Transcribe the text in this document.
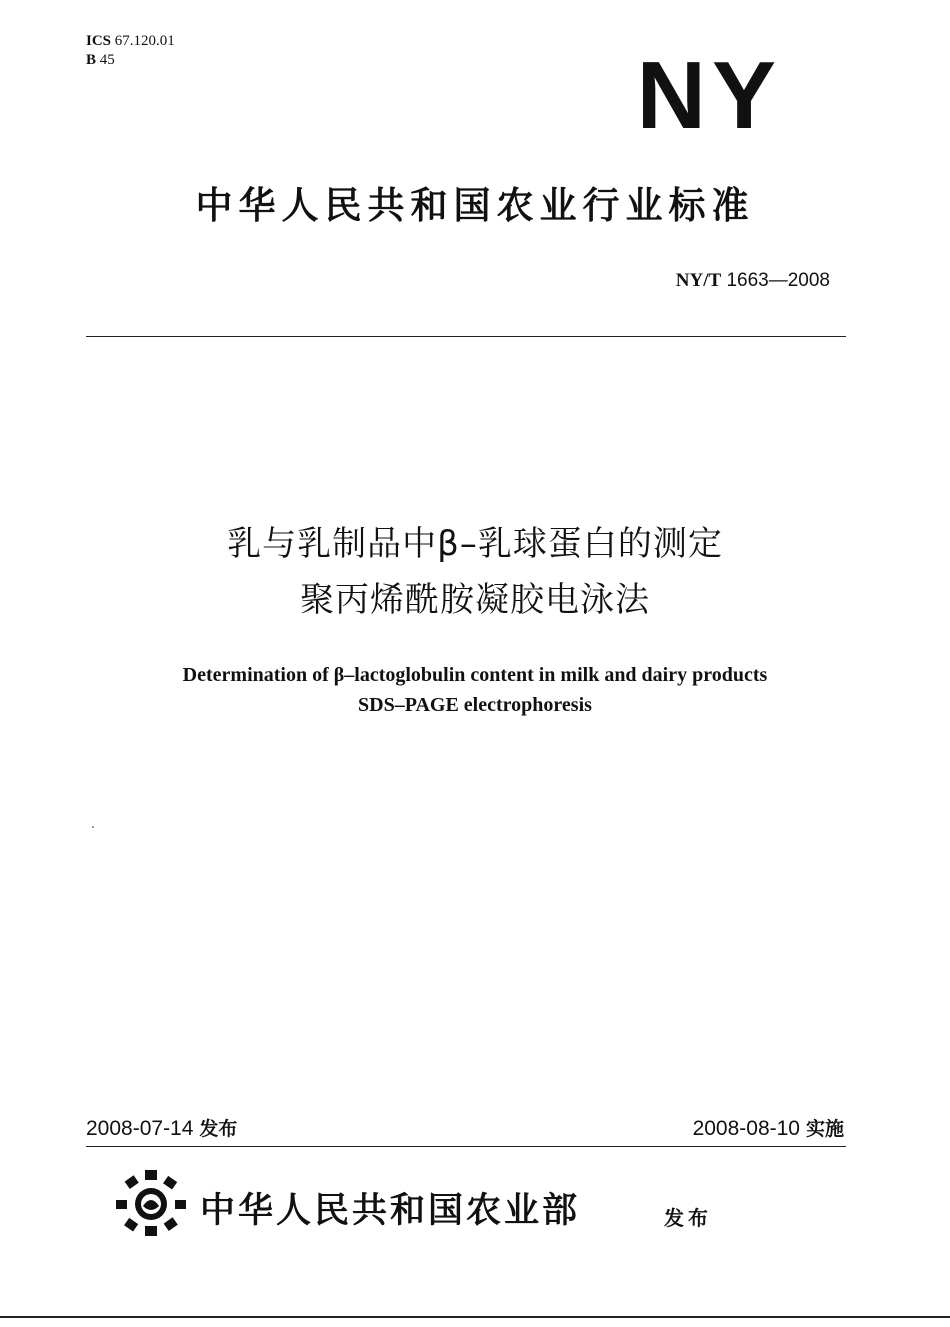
ICS 67.120.01
B 45	NY
中华人民共和国农业行业标准
NY/T 1663—2008
乳与乳制品中β–乳球蛋白的测定
聚丙烯酰胺凝胶电泳法
Determination of β–lactoglobulin content in milk and dairy products
SDS–PAGE electrophoresis
2008-07-14 发布	2008-08-10 实施
中华人民共和国农业部	发布
